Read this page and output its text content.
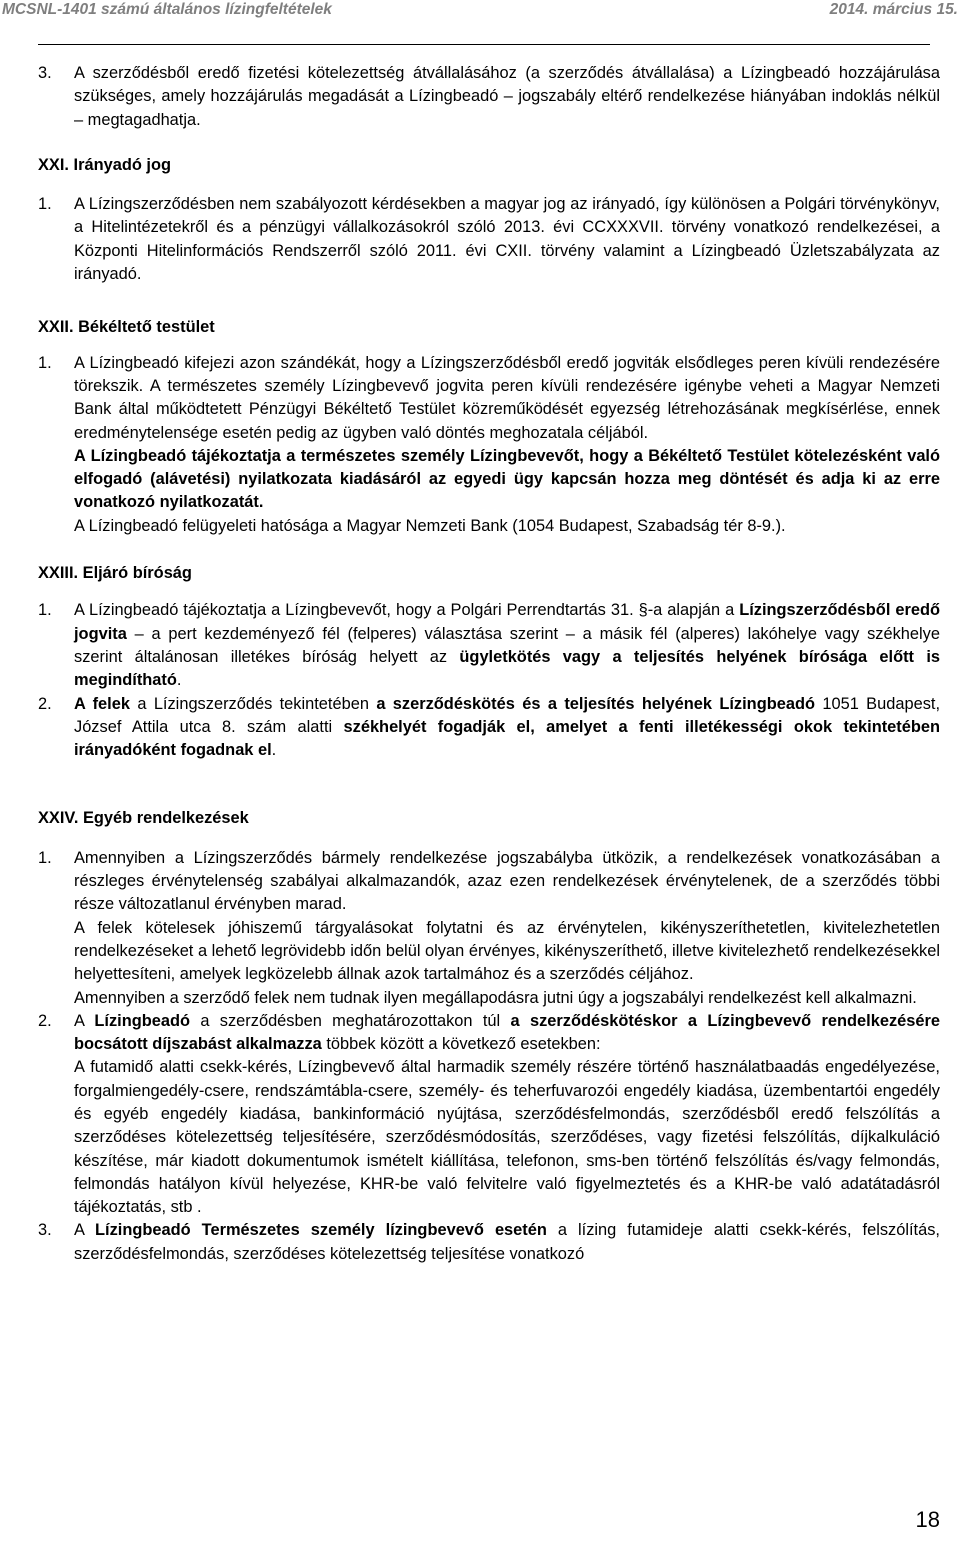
MCSNL-1401 számú általános lízingfeltételek	2014. március 15.
3. A szerződésből eredő fizetési kötelezettség átvállalásához (a szerződés átvállalása) a Lízingbeadó hozzájárulása szükséges, amely hozzájárulás megadását a Lízingbeadó – jogszabály eltérő rendelkezése hiányában indoklás nélkül – megtagadhatja.
XXI. Irányadó jog
1. A Lízingszerződésben nem szabályozott kérdésekben a magyar jog az irányadó, így különösen a Polgári törvénykönyv, a Hitelintézetekről és a pénzügyi vállalkozásokról szóló 2013. évi CCXXXVII. törvény vonatkozó rendelkezései, a Központi Hitelinformációs Rendszerről szóló 2011. évi CXII. törvény valamint a Lízingbeadó Üzletszabályzata az irányadó.
XXII. Békéltető testület
1. A Lízingbeadó kifejezi azon szándékát, hogy a Lízingszerződésből eredő jogviták elsődleges peren kívüli rendezésére törekszik. A természetes személy Lízingbevevő jogvita peren kívüli rendezésére igénybe veheti a Magyar Nemzeti Bank által működtetett Pénzügyi Békéltető Testület közreműködését egyezség létrehozásának megkísérlése, ennek eredménytelensége esetén pedig az ügyben való döntés meghozatala céljából.
A Lízingbeadó tájékoztatja a természetes személy Lízingbevevőt, hogy a Békéltető Testület kötelezésként való elfogadó (alávetési) nyilatkozata kiadásáról az egyedi ügy kapcsán hozza meg döntését és adja ki az erre vonatkozó nyilatkozatát.
A Lízingbeadó felügyeleti hatósága a Magyar Nemzeti Bank (1054 Budapest, Szabadság tér 8-9.).
XXIII. Eljáró bíróság
1. A Lízingbeadó tájékoztatja a Lízingbevevőt, hogy a Polgári Perrendtartás 31. §-a alapján a Lízingszerződésből eredő jogvita – a pert kezdeményező fél (felperes) választása szerint – a másik fél (alperes) lakóhelye vagy székhelye szerint általánosan illetékes bíróság helyett az ügyletkötés vagy a teljesítés helyének bírósága előtt is megindítható.
2. A felek a Lízingszerződés tekintetében a szerződéskötés és a teljesítés helyének Lízingbeadó 1051 Budapest, József Attila utca 8. szám alatti székhelyét fogadják el, amelyet a fenti illetékességi okok tekintetében irányadóként fogadnak el.
XXIV. Egyéb rendelkezések
1. Amennyiben a Lízingszerződés bármely rendelkezése jogszabályba ütközik, a rendelkezések vonatkozásában a részleges érvénytelenség szabályai alkalmazandók, azaz ezen rendelkezések érvénytelenek, de a szerződés többi része változatlanul érvényben marad.
A felek kötelesek jóhiszemű tárgyalásokat folytatni és az érvénytelen, kikényszeríthetetlen, kivitelezhetetlen rendelkezéseket a lehető legrövidebb időn belül olyan érvényes, kikényszeríthető, illetve kivitelezhető rendelkezésekkel helyettesíteni, amelyek legközelebb állnak azok tartalmához és a szerződés céljához.
Amennyiben a szerződő felek nem tudnak ilyen megállapodásra jutni úgy a jogszabályi rendelkezést kell alkalmazni.
2. A Lízingbeadó a szerződésben meghatározottakon túl a szerződéskötéskor a Lízingbevevő rendelkezésére bocsátott díjszabást alkalmazza többek között a következő esetekben:
A futamidő alatti csekk-kérés, Lízingbevevő által harmadik személy részére történő használatbaadás engedélyezése, forgalmiengedély-csere, rendszámtábla-csere, személy- és teherfuvarozói engedély kiadása, üzembentartói engedély és egyéb engedély kiadása, bankinformáció nyújtása, szerződésfelmondás, szerződésből eredő felszólítás a szerződéses kötelezettség teljesítésére, szerződésmódosítás, szerződéses, vagy fizetési felszólítás, díjkalkuláció készítése, már kiadott dokumentumok ismételt kiállítása, telefonon, sms-ben történő felszólítás és/vagy felmondás, felmondás hatályon kívül helyezése, KHR-be való felvitelre való figyelmeztetés és a KHR-be való adatátadásról tájékoztatás, stb .
3. A Lízingbeadó Természetes személy lízingbevevő esetén a lízing futamideje alatti csekk-kérés, felszólítás, szerződésfelmondás, szerződéses kötelezettség teljesítése vonatkozó
18
